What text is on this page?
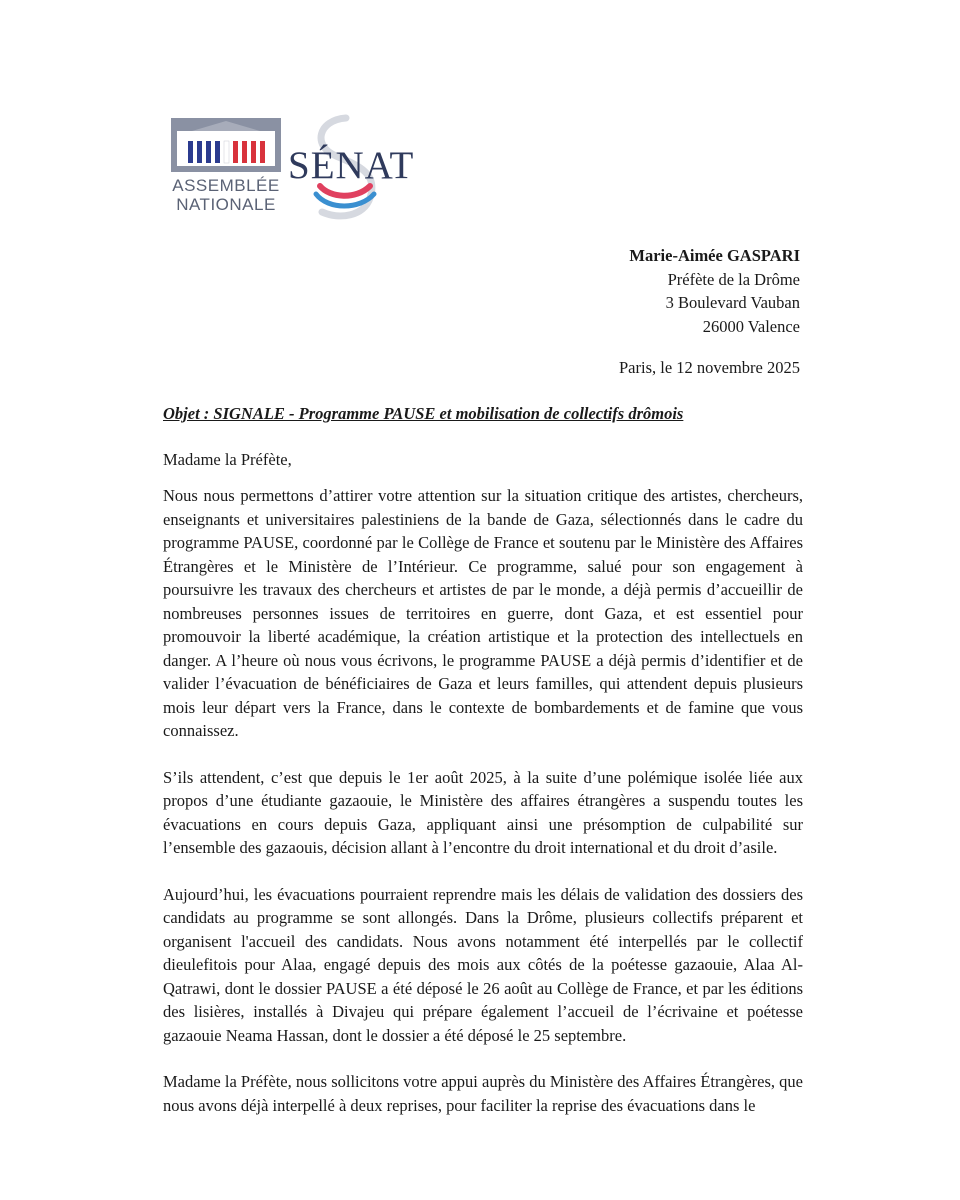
ASSEMBLÉE
NATIONALE
SÉNAT
Marie-Aimée GASPARI
Préfète de la Drôme
3 Boulevard Vauban
26000 Valence
Paris, le 12 novembre 2025
Objet : SIGNALE - Programme PAUSE et mobilisation de collectifs drômois
Madame la Préfète,

Nous nous permettons d’attirer votre attention sur la situation critique des artistes, chercheurs, enseignants et universitaires palestiniens de la bande de Gaza, sélectionnés dans le cadre du programme PAUSE, coordonné par le Collège de France et soutenu par le Ministère des Affaires Étrangères et le Ministère de l’Intérieur. Ce programme, salué pour son engagement à poursuivre les travaux des chercheurs et artistes de par le monde, a déjà permis d’accueillir de nombreuses personnes issues de territoires en guerre, dont Gaza, et est essentiel pour promouvoir la liberté académique, la création artistique et la protection des intellectuels en danger. A l’heure où nous vous écrivons, le programme PAUSE a déjà permis d’identifier et de valider l’évacuation de bénéficiaires de Gaza et leurs familles, qui attendent depuis plusieurs mois leur départ vers la France, dans le contexte de bombardements et de famine que vous connaissez.

S’ils attendent, c’est que depuis le 1er août 2025, à la suite d’une polémique isolée liée aux propos d’une étudiante gazaouie, le Ministère des affaires étrangères a suspendu toutes les évacuations en cours depuis Gaza, appliquant ainsi une présomption de culpabilité sur l’ensemble des gazaouis, décision allant à l’encontre du droit international et du droit d’asile.

Aujourd’hui, les évacuations pourraient reprendre mais les délais de validation des dossiers des candidats au programme se sont allongés. Dans la Drôme, plusieurs collectifs préparent et organisent l'accueil des candidats. Nous avons notamment été interpellés par le collectif dieulefitois pour Alaa, engagé depuis des mois aux côtés de la poétesse gazaouie, Alaa Al-Qatrawi, dont le dossier PAUSE a été déposé le 26 août au Collège de France, et par les éditions des lisières, installés à Divajeu qui prépare également l’accueil de l’écrivaine et poétesse gazaouie Neama Hassan, dont le dossier a été déposé le 25 septembre.

Madame la Préfète, nous sollicitons votre appui auprès du Ministère des Affaires Étrangères, que nous avons déjà interpellé à deux reprises, pour faciliter la reprise des évacuations dans le
